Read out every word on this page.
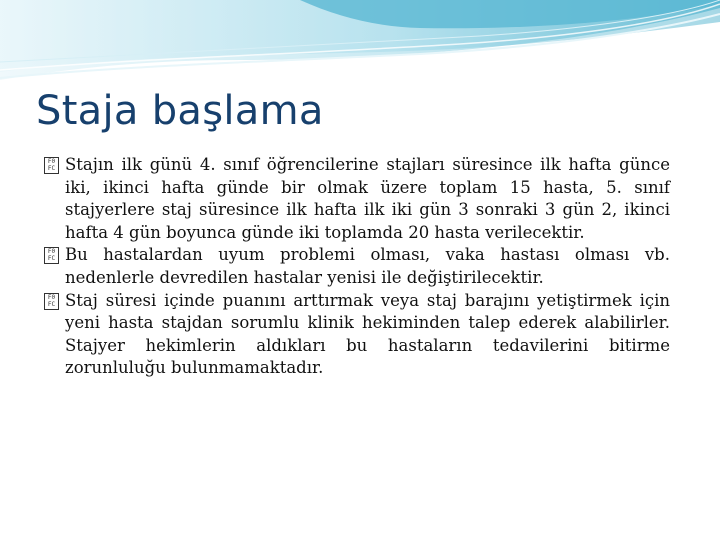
Staja başlama

F0
FC Stajın ilk günü 4. sınıf öğrencilerine stajları süresince ilk hafta günce iki, ikinci hafta günde bir olmak üzere toplam 15 hasta, 5. sınıf stajyerlere staj süresince ilk hafta ilk iki gün 3 sonraki 3 gün 2, ikinci hafta 4 gün boyunca günde iki toplamda 20 hasta verilecektir.

F0
FC Bu hastalardan uyum problemi olması, vaka hastası olması vb. nedenlerle devredilen hastalar yenisi ile değiştirilecektir.

F0
FC Staj süresi içinde puanını arttırmak veya staj barajını yetiştirmek için yeni hasta stajdan sorumlu klinik hekiminden talep ederek alabilirler. Stajyer hekimlerin aldıkları bu hastaların tedavilerini bitirme zorunluluğu bulunmamaktadır.
